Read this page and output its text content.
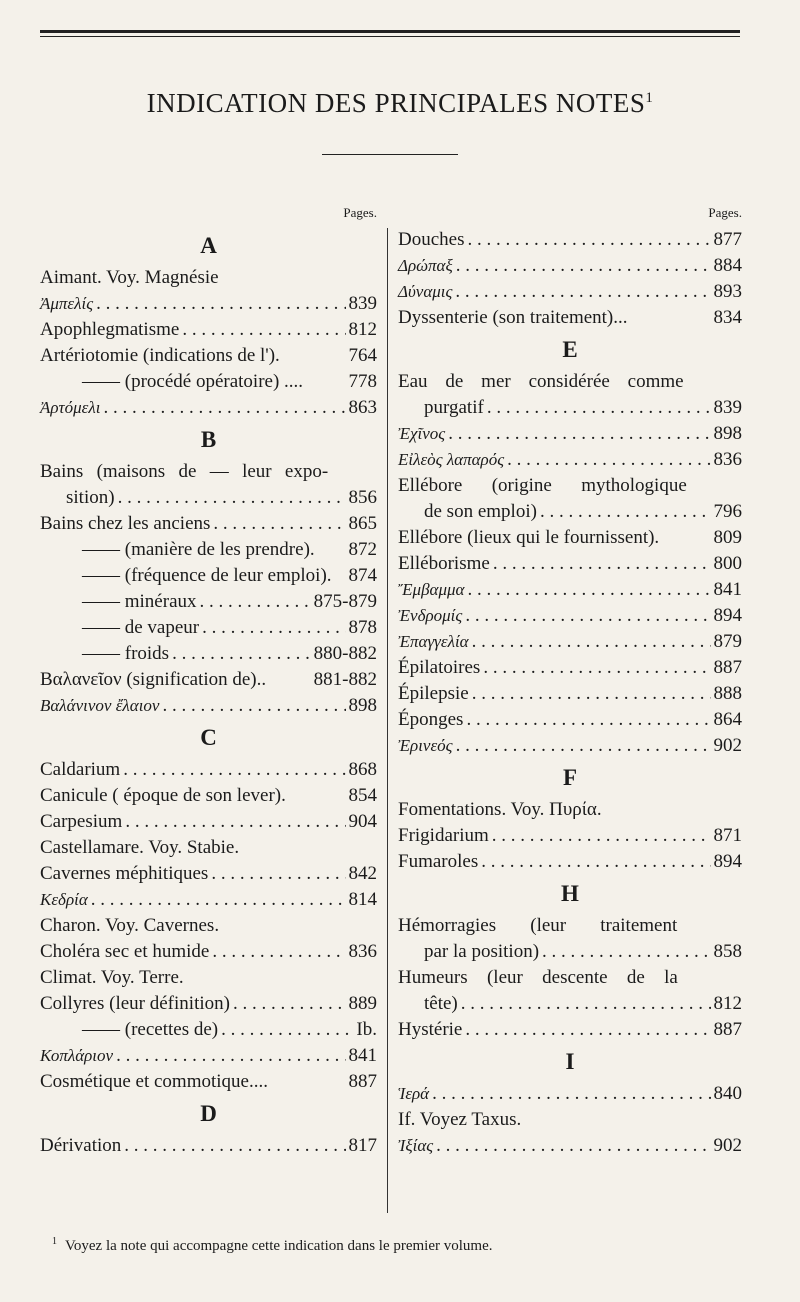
INDICATION DES PRINCIPALES NOTES$^1$
Pages.
A
Aimant. Voy. Magnésie
Ἀμπελίς . . .	839
Apophlegmatisme . . .	812
Artériotomie (indications de l').	764
—— (procédé opératoire) .... 778
Ἀρτόμελι . . .	863
B
Bains (maisons de — leur expo-
sition) . . .	856
Bains chez les anciens . . .	865
—— (manière de les prendre). 872
—— (fréquence de leur emploi). 874
—— minéraux . . .	875-879
—— de vapeur . . .	878
—— froids . . .	880-882
Βαλανεῖον (signification de)..	881-882
Βαλάνινον ἔλαιον . . .	898
C
Caldarium . . .	868
Canicule ( époque de son lever).	854
Carpesium . . .	904
Castellamare. Voy. Stabie.
Cavernes méphitiques . . .	842
Κεδρία . . .	814
Charon. Voy. Cavernes.
Choléra sec et humide . . .	836
Climat. Voy. Terre.
Collyres (leur définition) . . .	889
—— (recettes de) . . .	Ib.
Κοπλάριον . . .	841
Cosmétique et commotique....	887
D
Dérivation . . .	817
Pages.
Douches . . .	877
Δρώπαξ . . .	884
Δύναμις . . .	893
Dyssenterie (son traitement)...	834
E
Eau de mer considérée comme
purgatif . . .	839
Ἐχῖνος . . .	898
Εἰλεὸς λαπαρός . . .	836
Ellébore (origine mythologique
de son emploi) . . .	796
Ellébore (lieux qui le fournissent).	809
Elléborisme . . .	800
Ἔμβαμμα . . .	841
Ἐνδρομίς . . .	894
Ἐπαγγελία . . .	879
Épilatoires . . .	887
Épilepsie . . .	888
Éponges . . .	864
Ἐρινεός . . .	902
F
Fomentations. Voy. Πυρία.
Frigidarium . . .	871
Fumaroles . . .	894
H
Hémorragies (leur traitement
par la position) . . .	858
Humeurs (leur descente de la
tête) . . .	812
Hystérie . . .	887
I
Ἱερά . . .	840
If. Voyez Taxus.
Ἰξίας . . .	902
$^1$ Voyez la note qui accompagne cette indication dans le premier volume.
